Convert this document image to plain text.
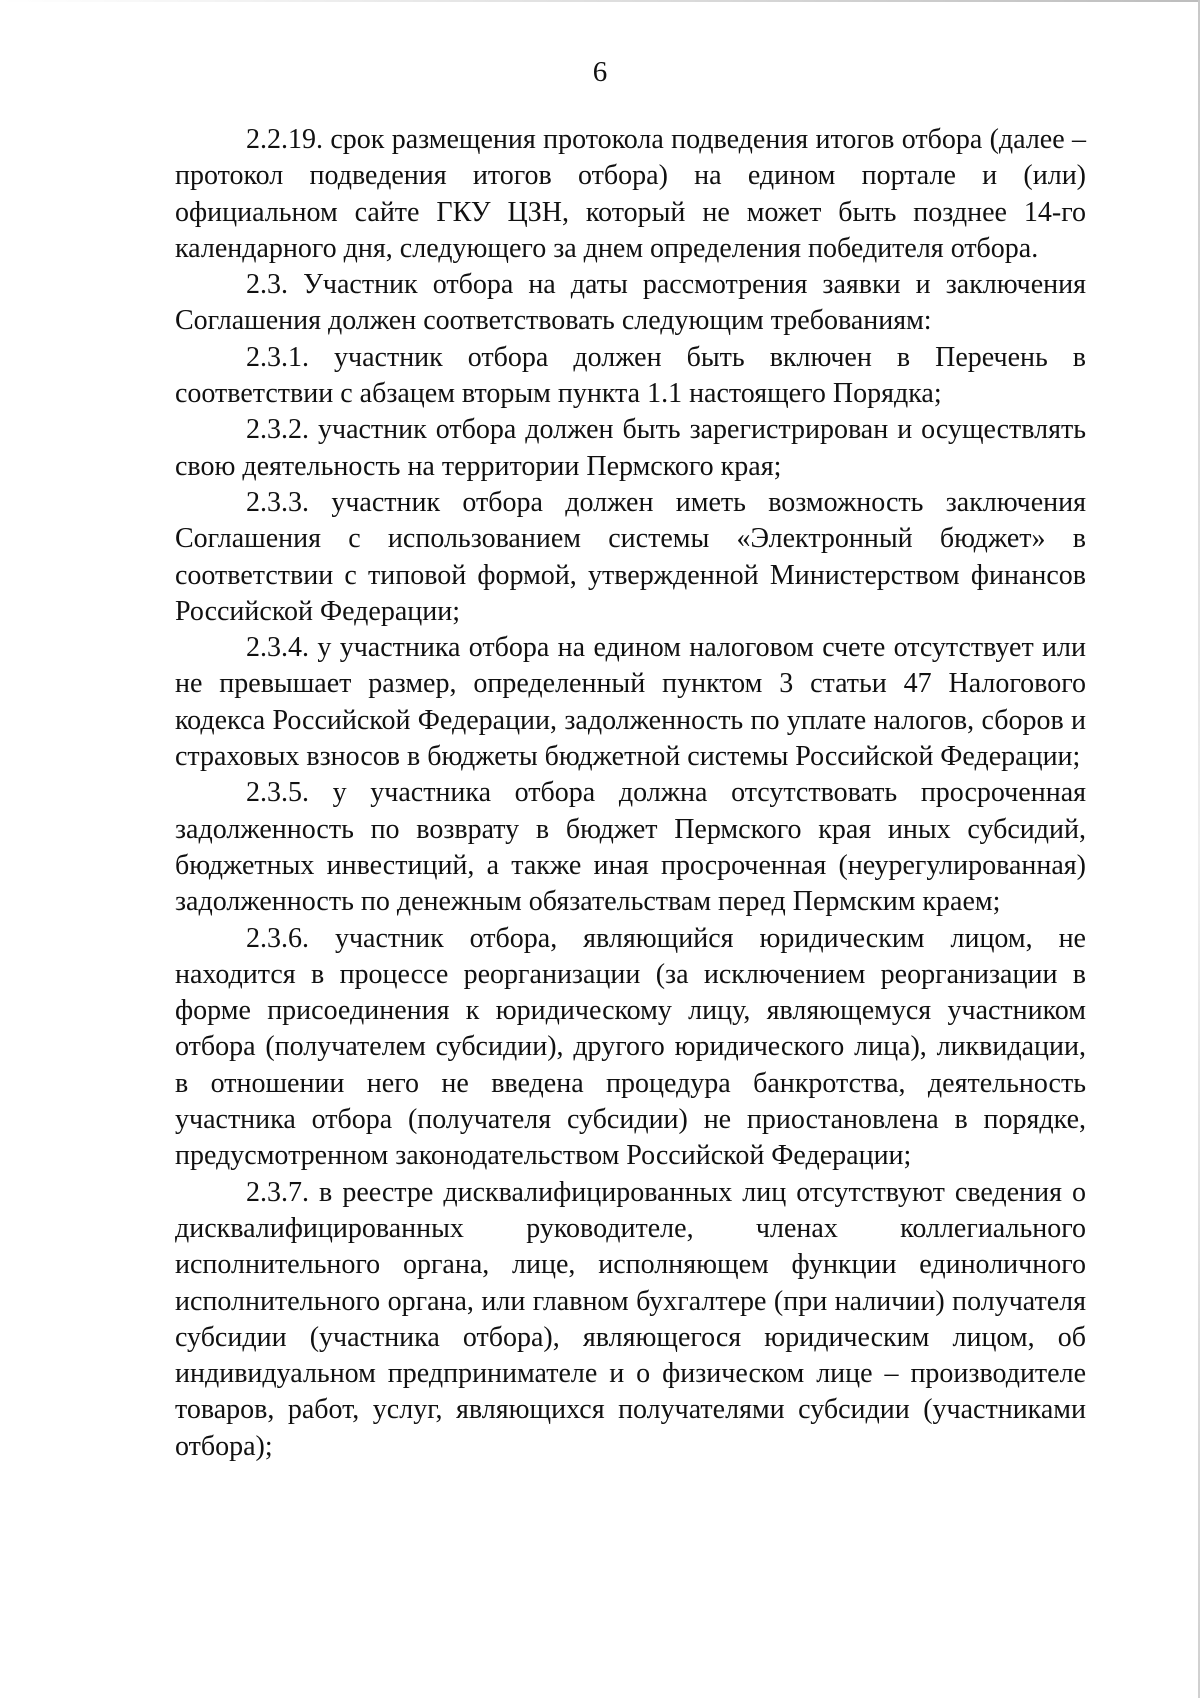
6

2.2.19. срок размещения протокола подведения итогов отбора (далее – протокол подведения итогов отбора) на едином портале и (или) официальном сайте ГКУ ЦЗН, который не может быть позднее 14-го календарного дня, следующего за днем определения победителя отбора.

2.3. Участник отбора на даты рассмотрения заявки и заключения Соглашения должен соответствовать следующим требованиям:

2.3.1. участник отбора должен быть включен в Перечень в соответствии с абзацем вторым пункта 1.1 настоящего Порядка;

2.3.2. участник отбора должен быть зарегистрирован и осуществлять свою деятельность на территории Пермского края;

2.3.3. участник отбора должен иметь возможность заключения Соглашения с использованием системы «Электронный бюджет» в соответствии с типовой формой, утвержденной Министерством финансов Российской Федерации;

2.3.4. у участника отбора на едином налоговом счете отсутствует или не превышает размер, определенный пунктом 3 статьи 47 Налогового кодекса Российской Федерации, задолженность по уплате налогов, сборов и страховых взносов в бюджеты бюджетной системы Российской Федерации;

2.3.5. у участника отбора должна отсутствовать просроченная задолженность по возврату в бюджет Пермского края иных субсидий, бюджетных инвестиций, а также иная просроченная (неурегулированная) задолженность по денежным обязательствам перед Пермским краем;

2.3.6. участник отбора, являющийся юридическим лицом, не находится в процессе реорганизации (за исключением реорганизации в форме присоединения к юридическому лицу, являющемуся участником отбора (получателем субсидии), другого юридического лица), ликвидации, в отношении него не введена процедура банкротства, деятельность участника отбора (получателя субсидии) не приостановлена в порядке, предусмотренном законодательством Российской Федерации;

2.3.7. в реестре дисквалифицированных лиц отсутствуют сведения о дисквалифицированных руководителе, членах коллегиального исполнительного органа, лице, исполняющем функции единоличного исполнительного органа, или главном бухгалтере (при наличии) получателя субсидии (участника отбора), являющегося юридическим лицом, об индивидуальном предпринимателе и о физическом лице – производителе товаров, работ, услуг, являющихся получателями субсидии (участниками отбора);
